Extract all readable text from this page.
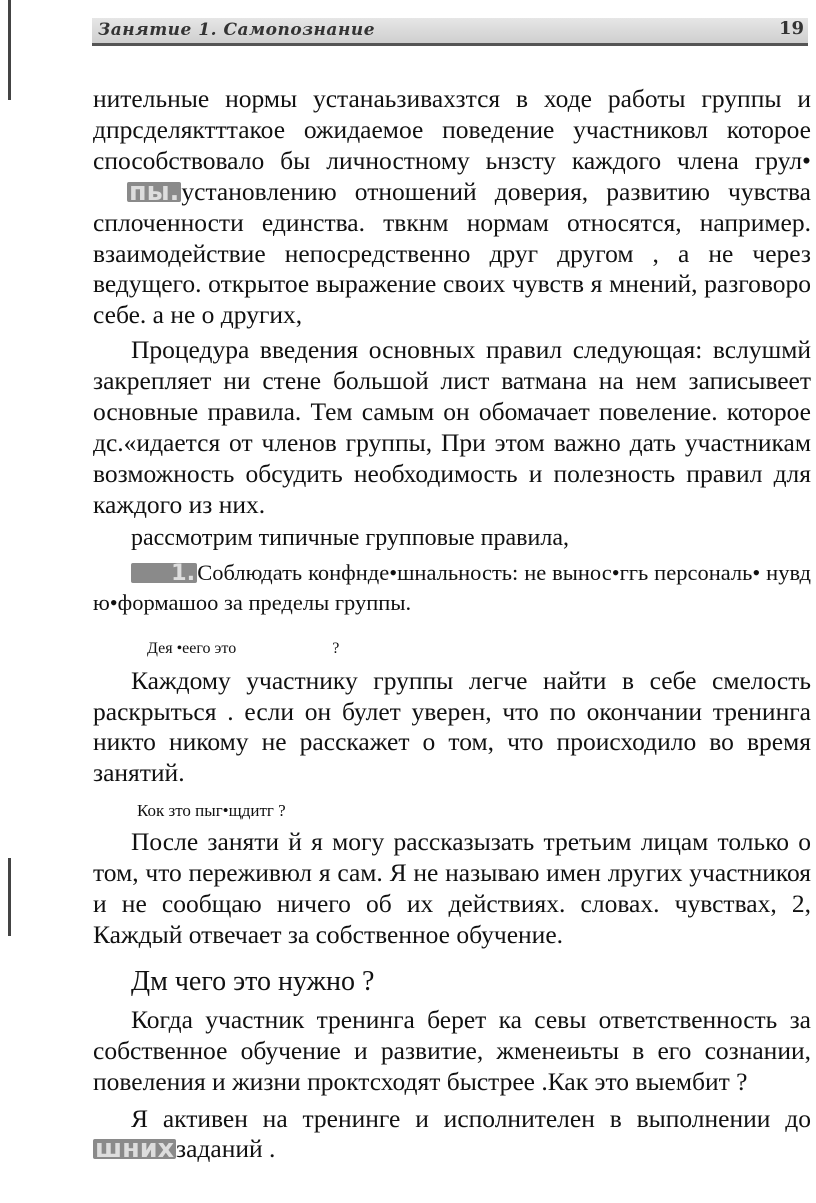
Занятие 1. Самопознание	19

нительные нормы устанаьзивахзтся в ходе работы группы и дпрсделяктттакое ожидаемое поведение участниковл которое способствовало бы личностному ьнзсту каждого члена грул• пы.установлению отношений доверия, развитию чувства сплоченности единства. твкнм нормам относятся, например. взаимодействие непосредственно друг другом , а не через ведущего. открытое выражение своих чувств я мнений, разговоро себе. а не о других,

Процедура введения основных правил следующая: вслушмй закрепляет ни стене большой лист ватмана на нем записывеет основные правила. Тем самым он обомачает повеление. которое дс.«идается от членов группы, При этом важно дать участникам возможность обсудить необходимость и полезность правил для каждого из них.

рассмотрим типичные групповые правила,

1.Соблюдать конфнде•шнальность: не вынос•ггь персональ• нувд ю•формашоо за пределы группы.

Дея •еего это	?

Каждому участнику группы легче найти в себе смелость раскрыться . если он булет уверен, что по окончании тренинга никто никому не расскажет о том, что происходило во время занятий.

Кок зто пыг•щдитг ?

После заняти й я могу рассказызать третьим лицам только о том, что переживюл я сам. Я не называю имен лругих участникоя и не сообщаю ничего об их действиях. словах. чувствах, 2, Каждый отвечает за собственное обучение.

Дм чего это нужно ?

Когда участник тренинга берет ка севы ответственность за собственное обучение и развитие, жменеиьты в его сознании, повеления и жизни проктсходят быстрее .Как это выембит ?

Я активен на тренинге и исполнителен в выполнении до шнихзаданий .
